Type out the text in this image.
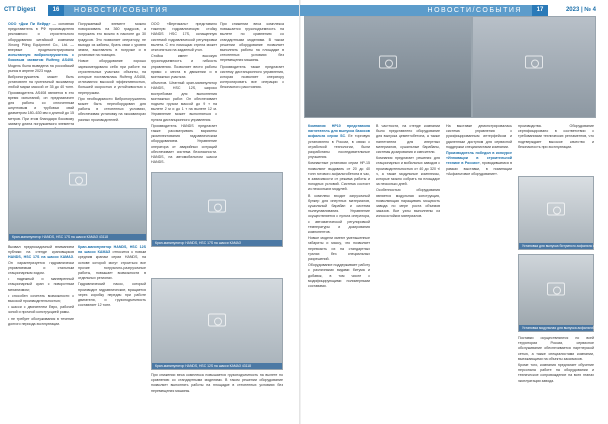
СТТ Digest	16	НОВОСТИ/СОБЫТИЯ

ООО «Джи Пи Вейрд» — основная представитель в РФ производителя рекламного и строительного оборудования китайской компании Xinong Piling Equipment Co., Ltd. — впервые продемонстрировала испытанную вибропогружатель с боковым захватом Ruifeng AS408. Модель была выведена на российский рынок в апреле 2023 года.

Вибропогружатель может быть установлен на гусеничный экскаватор любой марки массой от 35 до 40 тонн. Производитель AS408 является в это время испытаний, он предназначен для работы со сплоченным шпунтовым и трубовых свай диаметром 180–630 мм и длиной до 15 метров. При этом благодаря боковому захвату длина погружаемого элемента

Погружаемый элемент можно поворачивать на 360 градусов, а погружать его можно в наклоне до 30 градусов. Это позволяет оператору, не выходя из кабины, брать сваи с уровня земли, выставлять в погрузке и в установке на позицию.

Новое оборудование хорошо зарекомендовало себя при работе на строительных участках: объекты, на которые поставлялась Ruifeng AS408, отличаются высокой эффективностью, большей скоростью и устойчивостью к перегрузкам.

При необходимости Вибропогружатель может быть переоборудован для работы в стесненных условиях, обеспечивая установку на экскаваторах разных производителей.

ООО «Вертикаль» представило тяжелую гидравлическую стойку HANDS HSC 17S, оснащенную системой гидравлической регулировки вылета. С его помощью стрела может отклоняться на заданный угол.

Стойка имеет высокую грузоподъемность и гибкость управления. Позволяет вести работы прямо с места в движении и в монтажных участках.

объектов. Штатный кран-манипулятор HANDS, HSC 12S, широко востребован для выполнения монтажных работ. Он обеспечивает подъем грузом массой до 9 т на вылете 2 м и до 1 т на вылете 12 м. Управление может выполняться с пульта дистанционного управления.

Производитель HANDS предлагает также рассматривать варианты укомплектования гидравлическим оборудованием. Управление оператора от аварийных ситуаций обеспечивает система безопасности. HANDS, на автомобильном шасси HANDS.

При снижении веса комплекса повышается грузоподъемность на вылете по сравнению со стандартными моделями. В таком решении оборудование позволяет выполнять работы на площадке в стесненных условиях без перемещения машины.

Производитель также предлагает систему дистанционного управления, которая позволяет оператору контролировать все операции с безопасного расстояния.

Кран-манипулятор HANDS, HSC 17S на шасси КАМАЗ 43118
Кран-манипулятор HANDS, HSC 17S на шасси КАМАЗ
Кран-манипулятор HANDS, HSC 12S на шасси КАМАЗ 43118

Вызвал предпосадочный вниманием публики на стенде крановщиков HANDS, HSC 17S на шасси КАМАЗ. Он характеризуется гидравлически управляемым и стальным стационарным ходом.

• надежный и маневренный стационарный кран с поворотным механизмом;

• способен сочетать возможности с высокой производительностью;

• шасси с двигателем Евро, рабочей зоной и прочной конструкцией рамы.

• не требует обслуживания в течение долгого периода эксплуатации.

Кран-манипулятор HANDS, HSC 12S на шасси КАМАЗ относится к новым средним кранам серии HANDS, на основе которой могут строиться все прочие погрузочно-разгрузочные работы, повышает возможности в отдельных регионах.

Гидравлический насос, который производит гидравлические, вращается через коробку передач при работе двигателя, и грузоподъемность составляет 12 тонн.

При снижении веса комплекса повышается грузоподъемность на вылете по сравнению со стандартными моделями. В таком решении оборудование позволяет выполнять работы на площадке в стесненных условиях без перемещения машины.

НОВОСТИ/СОБЫТИЯ	17	2023 | № 4

Компания НР10 представила нагнетатель для выпуска базисов асфальта серии SC. Ее торговую установлено в России, в связи с отработкой технологии, были разработаны последовательные улучшения.

Компактные установки серии НР-15 позволяют выдавать от 20 до 40 тонн готового асфальтобетона в час, в зависимости от режима работы и погодных условий. Система состоит из нескольких модулей.

В комплекс входят загрузочный бункер для инертных материалов, сушильный барабан и система пылеулавливания. Управление осуществляется с пульта оператора, с автоматической регулировкой температуры и дозирования компонентов.

Новые модели имеют уменьшенные габариты и массу, что позволяет перевозить их на стандартных тралах без специальных разрешений.

Оборудование поддерживает работу с различными видами битума и добавок, в том числе с модифицирующими полимерными составами.

В частности, на стенде компании было представлено оборудование для выпуска цементобетона, а также нагнетатели для инертных материалов, сушильные барабаны, системы дозирования и смесители.

Компания предлагает решения для стационарных и мобильных заводов с производительностью от 40 до 320 т/ч, а также модульные комплексы, которые можно собрать на площадке за несколько дней.

Особенностью оборудования является модульная конструкция, позволяющая наращивать мощность завода по мере роста объемов заказов. Все узлы выполнены из износостойких материалов.

На выставке демонстрировалась система управления с русифицированным интерфейсом и удаленным доступом для сервисной поддержки специалистами компании.

Производитель победил в конкурсе «Инновации в строительной технике в России», проводившемся в рамках выставки, в номинации «Асфальтовое оборудование».

производства. Оборудование сертифицировано в соответствии с требованиями технических регламентов, что подтверждает высокое качество и безопасность при эксплуатации.

Установка для выпуска битумного асфальта серии РС
Установка модульная для выпуска асфальтобетона

Поставки осуществляются по всей территории России, сервисное обслуживание обеспечивается партнерской сетью, а также специалистами компании, выезжающими на объекты заказчиков.

Кроме того, компания предлагает обучение персонала работе на оборудовании и техническое сопровождение на всех этапах эксплуатации завода.
